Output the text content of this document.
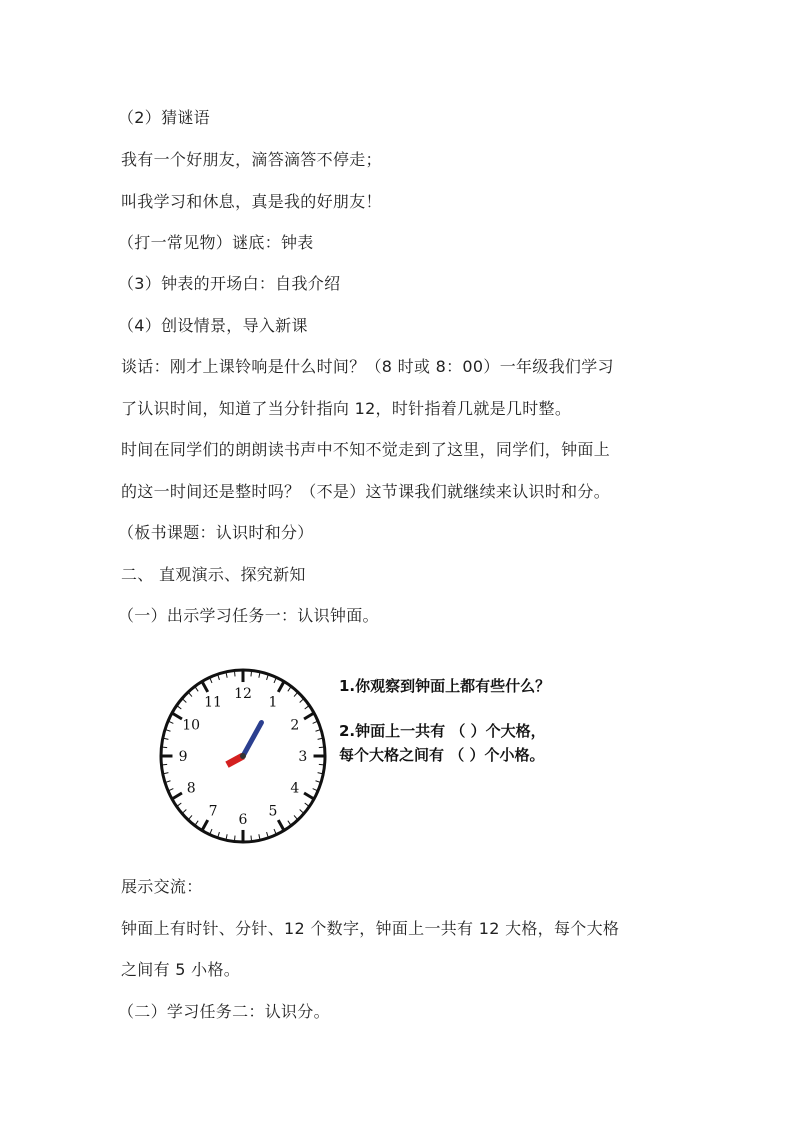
（2）猜谜语
我有一个好朋友，滴答滴答不停走；
叫我学习和休息，真是我的好朋友！
（打一常见物）谜底：钟表
（3）钟表的开场白：自我介绍
（4）创设情景，导入新课
谈话：刚才上课铃响是什么时间？（8 时或 8：00）一年级我们学习
了认识时间，知道了当分针指向 12，时针指着几就是几时整。
时间在同学们的朗朗读书声中不知不觉走到了这里，同学们，钟面上
的这一时间还是整时吗？（不是）这节课我们就继续来认识时和分。
（板书课题：认识时和分）
二、 直观演示、探究新知
（一）出示学习任务一：认识钟面。
12
1
2
3
4
5
6
7
8
9
10
11
1.你观察到钟面上都有些什么？
2.钟面上一共有 （ ）个大格，
每个大格之间有 （ ）个小格。
展示交流：
钟面上有时针、分针、12 个数字，钟面上一共有 12 大格，每个大格
之间有 5 小格。
（二）学习任务二：认识分。
